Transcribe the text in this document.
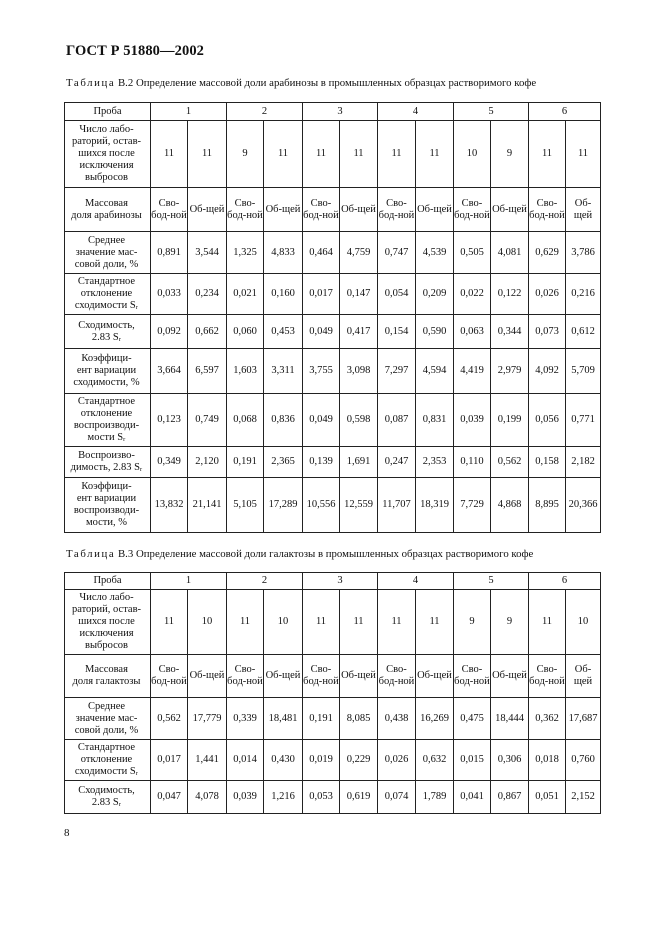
ГОСТ Р 51880—2002
Таблица В.2 Определение массовой доли арабинозы в промышленных образцах растворимого кофе
Проба	1		2		3		4		5		6	

Число лабо-
раторий, остав-
шихся после
исключения
выбросов	11	11	9	11	11	11	11	11	10	9	11	11

Массовая
доля арабинозы	Сво-бод-ной	Об-щей	Сво-бод-ной	Об-щей	Сво-бод-ной	Об-щей	Сво-бод-ной	Об-щей	Сво-бод-ной	Об-щей	Сво-бод-ной	Об-щей

Среднее
значение мас-
совой доли, %	0,891	3,544	1,325	4,833	0,464	4,759	0,747	4,539	0,505	4,081	0,629	3,786

Стандартное
отклонение
сходимости Sᵣ	0,033	0,234	0,021	0,160	0,017	0,147	0,054	0,209	0,022	0,122	0,026	0,216

Сходимость,
2.83 Sᵣ	0,092	0,662	0,060	0,453	0,049	0,417	0,154	0,590	0,063	0,344	0,073	0,612

Коэффици-
ент вариации
сходимости, %	3,664	6,597	1,603	3,311	3,755	3,098	7,297	4,594	4,419	2,979	4,092	5,709

Стандартное
отклонение
воспроизводи-
мости Sᵣ	0,123	0,749	0,068	0,836	0,049	0,598	0,087	0,831	0,039	0,199	0,056	0,771

Воспроизво-
димость, 2.83 Sᵣ	0,349	2,120	0,191	2,365	0,139	1,691	0,247	2,353	0,110	0,562	0,158	2,182

Коэффици-
ент вариации
воспроизводи-
мости, %	13,832	21,141	5,105	17,289	10,556	12,559	11,707	18,319	7,729	4,868	8,895	20,366
Таблица В.3 Определение массовой доли галактозы в промышленных образцах растворимого кофе
Проба	1		2		3		4		5		6	

Число лабо-
раторий, остав-
шихся после
исключения
выбросов	11	10	11	10	11	11	11	11	9	9	11	10

Массовая
доля галактозы	Сво-бод-ной	Об-щей	Сво-бод-ной	Об-щей	Сво-бод-ной	Об-щей	Сво-бод-ной	Об-щей	Сво-бод-ной	Об-щей	Сво-бод-ной	Об-щей

Среднее
значение мас-
совой доли, %	0,562	17,779	0,339	18,481	0,191	8,085	0,438	16,269	0,475	18,444	0,362	17,687

Стандартное
отклонение
сходимости Sᵣ	0,017	1,441	0,014	0,430	0,019	0,229	0,026	0,632	0,015	0,306	0,018	0,760

Сходимость,
2.83 Sᵣ	0,047	4,078	0,039	1,216	0,053	0,619	0,074	1,789	0,041	0,867	0,051	2,152
8
